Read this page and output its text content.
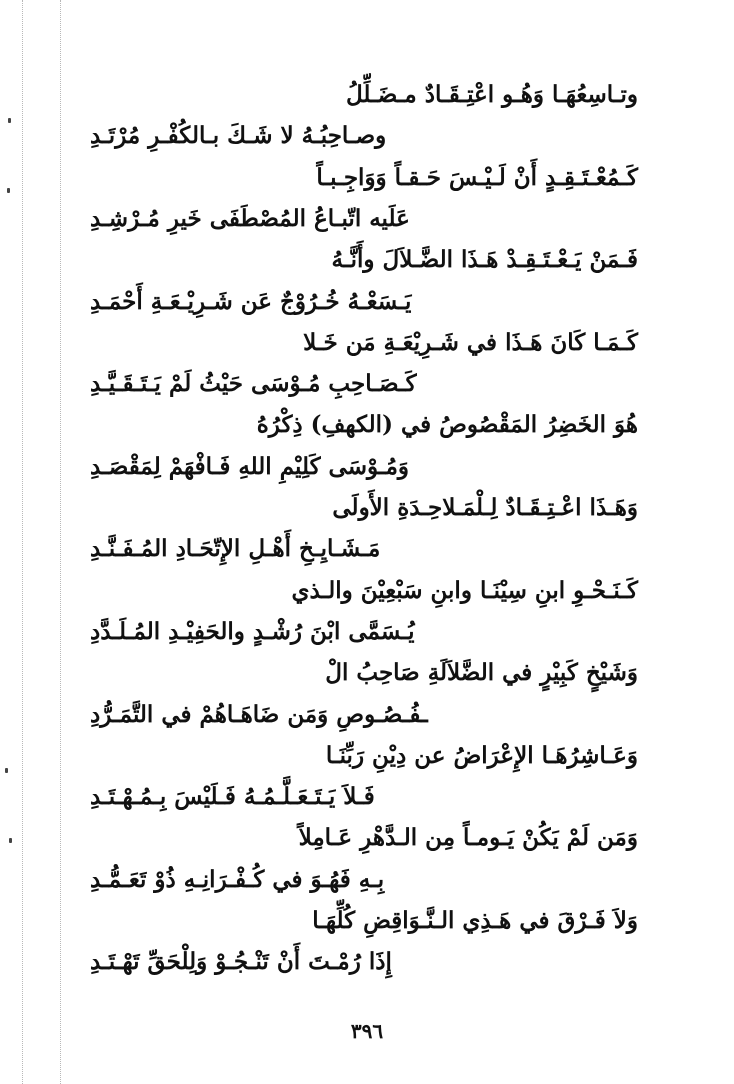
وتـاسِعُهَـا وَهُـو اعْتِـقَـادٌ مـضَـلِّلُ
وصـاحِبُـهُ لا شَـكَ بـالكُفْـرِ مُرْتَـدِ
كَـمُعْـتَـقِـدٍ أَنْ لَـيْـسَ حَـقـاً وَوَاجِـبـاً
عَلَيه اتّبـاعُ المُصْطَفَى خَيرِ مُـرْشِـدِ
فَـمَنْ يَـعْـتَـقِـدْ هَـذَا الضَّـلاَلَ وأَنَّـهُ
يَـسَعْـهُ خُـرُوْجٌ عَن شَـرِيْـعَـةِ أَحْمَـدِ
كَـمَـا كَانَ هَـذَا في شَـرِيْعَـةِ مَن خَـلا
كَـصَـاحِبِ مُـوْسَى حَيْثُ لَمْ يَـتَـقَـيَّـدِ
هُوَ الخَضِرُ المَقْصُوصُ في (الكهفِ) ذِكْرُهُ
وَمُـوْسَى كَلِيْمِ اللهِ فَـافْهَمْ لِمَقْصَـدِ
وَهَـذَا اعْـتِـقَـادٌ لِـلْمَـلاحِـدَةِ الأَولَى
مَـشَـايِـخِ أَهْـلِ الإِتّحَـادِ المُـفَـنَّـدِ
كَـنَـحْـوِ ابنِ سِيْنَـا وابنِ سَبْعِيْنَ والـذي
يُـسَمَّى ابْنَ رُشْـدٍ والحَفِيْـدِ المُـلَـدَّدِ
وَشَيْخٍ كَبِيْرٍ في الضَّلاَلَةِ صَاحِبُ الْ
ـفُـصُـوصِ وَمَن ضَاهَـاهُمْ في التَّمَـرُّدِ
وَعَـاشِرُهَـا الإِعْرَاضُ عن دِيْنِ رَبِّنَـا
فَـلاَ يَـتَـعَـلَّـمُـهُ فَـلَيْسَ بِـمُـهْـتَـدِ
وَمَن لَمْ يَكُنْ يَـومـاً مِن الـدَّهْرِ عَـامِلاً
بِـهِ فَهُـوَ في كُـفْـرَانِـهِ ذُوْ تَعَـمُّـدِ
وَلاَ فَـرْقَ في هَـذِي الـنَّـوَاقِضِ كُلِّهَـا
إِذَا رُمْـتَ أَنْ تَنْـجُـوْ وَلِلْحَقِّ تَهْـتَـدِ
٣٩٦
